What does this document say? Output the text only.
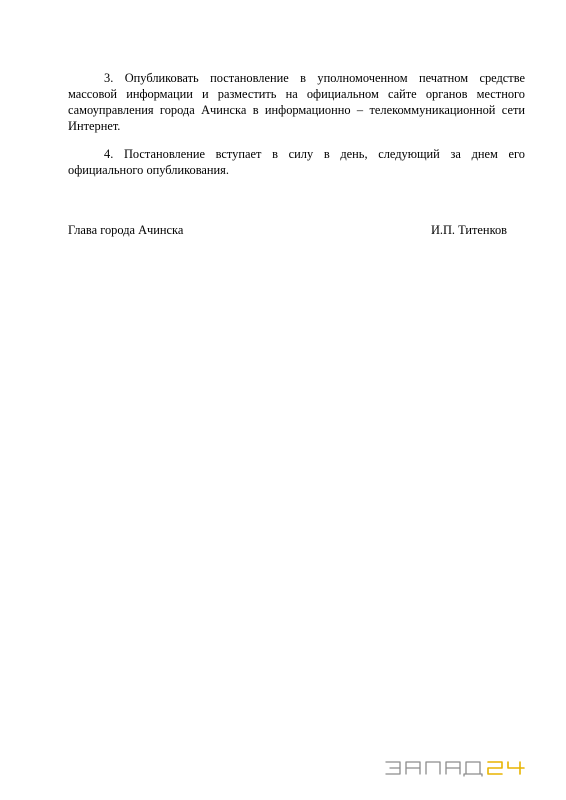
3. Опубликовать постановление в уполномоченном печатном средстве массовой информации и разместить на официальном сайте органов местного самоуправления города Ачинска в информационно – телекоммуникационной сети Интернет.

4. Постановление вступает в силу в день, следующий за днем его официального опубликования.

Глава города Ачинска	И.П. Титенков
